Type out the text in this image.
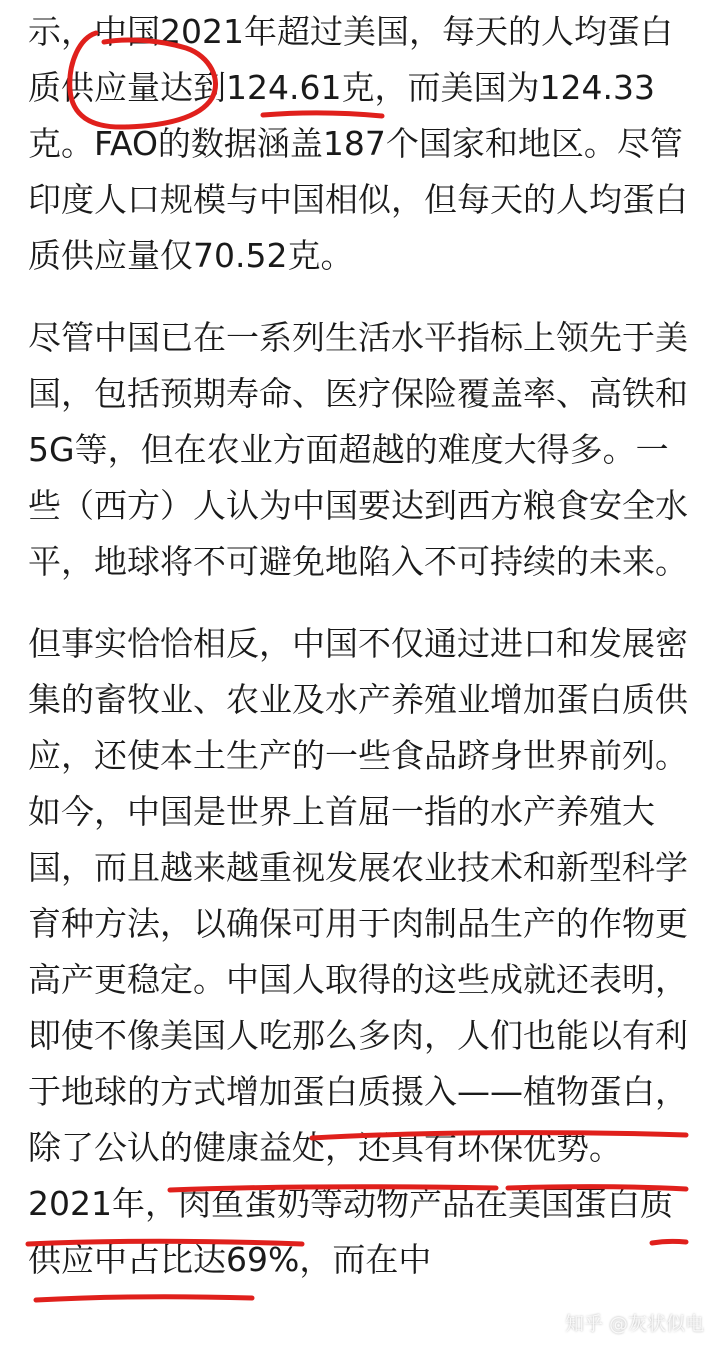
示，中国2021年超过美国，每天的人均蛋白质供应量达到124.61克，而美国为124.33克。FAO的数据涵盖187个国家和地区。尽管印度人口规模与中国相似，但每天的人均蛋白质供应量仅70.52克。

尽管中国已在一系列生活水平指标上领先于美国，包括预期寿命、医疗保险覆盖率、高铁和5G等，但在农业方面超越的难度大得多。一些（西方）人认为中国要达到西方粮食安全水平，地球将不可避免地陷入不可持续的未来。

但事实恰恰相反，中国不仅通过进口和发展密集的畜牧业、农业及水产养殖业增加蛋白质供应，还使本土生产的一些食品跻身世界前列。如今，中国是世界上首屈一指的水产养殖大国，而且越来越重视发展农业技术和新型科学育种方法，以确保可用于肉制品生产的作物更高产更稳定。中国人取得的这些成就还表明，即使不像美国人吃那么多肉，人们也能以有利于地球的方式增加蛋白质摄入——植物蛋白，除了公认的健康益处，还具有环保优势。2021年，肉鱼蛋奶等动物产品在美国蛋白质供应中占比达69%，而在中

知乎 @灰状似电
